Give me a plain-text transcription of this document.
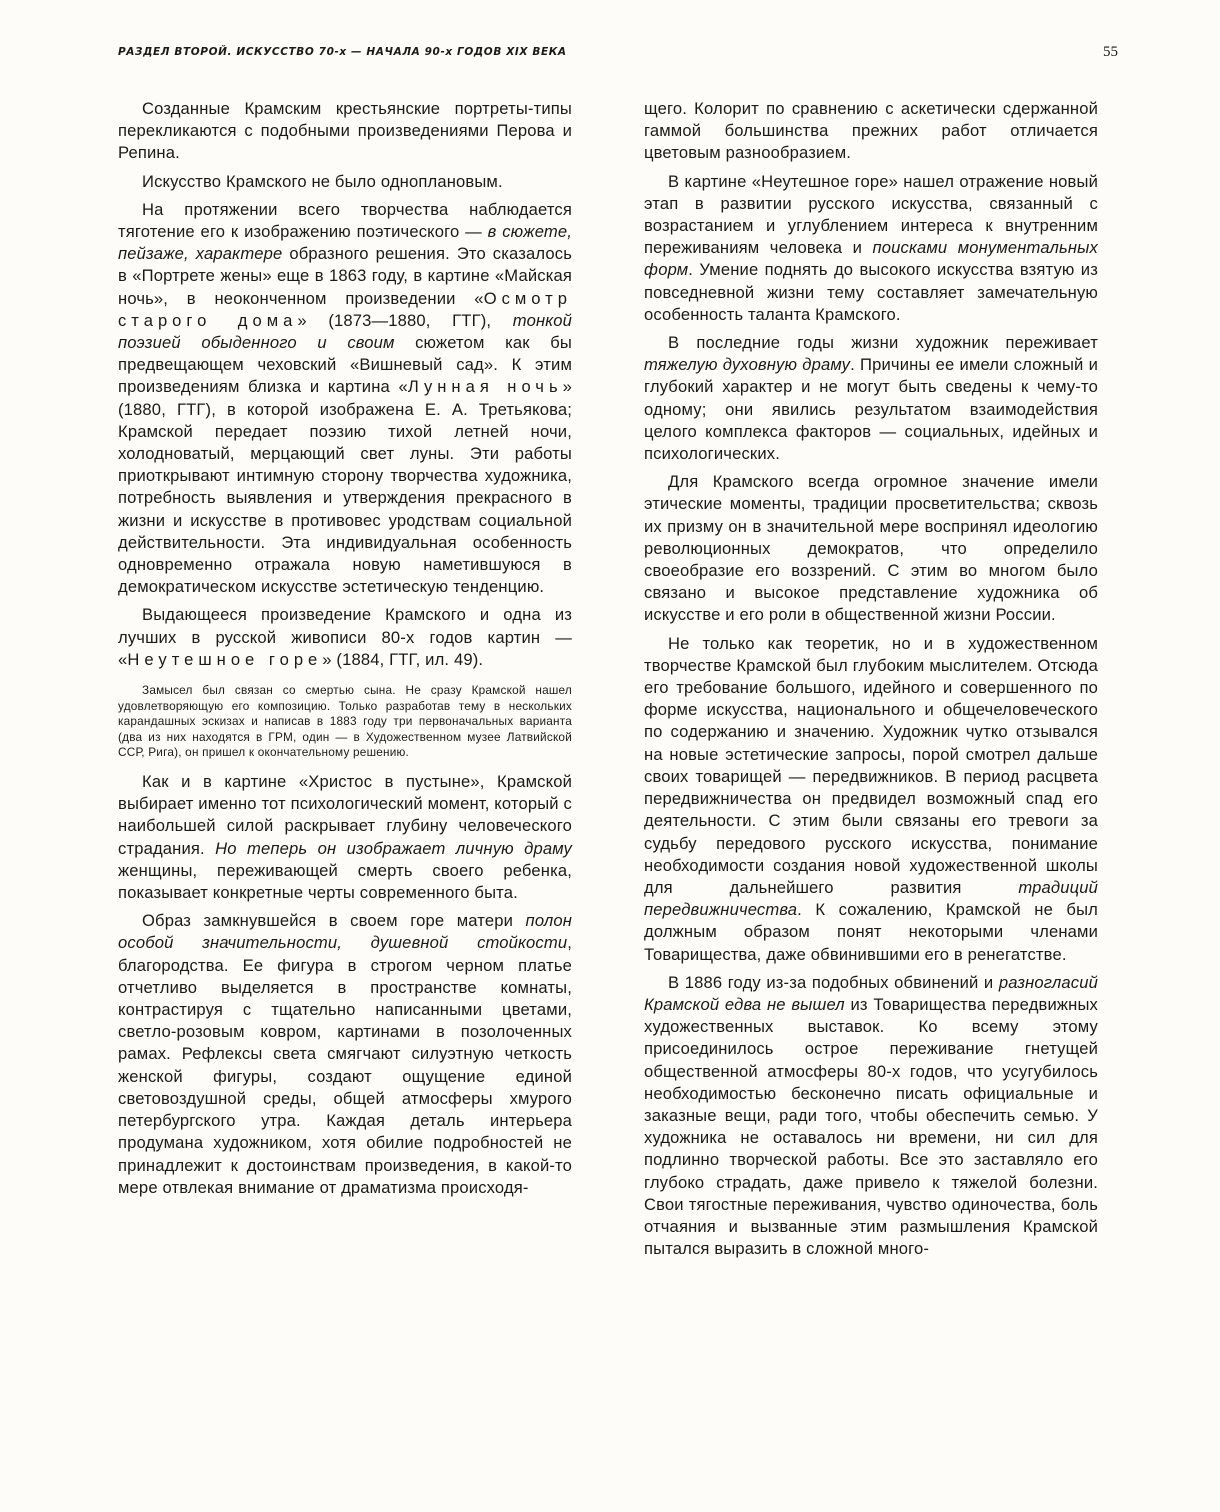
РАЗДЕЛ ВТОРОЙ. ИСКУССТВО 70-х — НАЧАЛА 90-х ГОДОВ XIX ВЕКА	55

Созданные Крамским крестьянские портреты-типы перекликаются с подобными произведениями Перова и Репина.

Искусство Крамского не было одноплановым.

На протяжении всего творчества наблюдается тяготение его к изображению поэтического — в сюжете, пейзаже, характере образного решения. Это сказалось в «Портрете жены» еще в 1863 году, в картине «Майская ночь», в неоконченном произведении «Осмотр старого дома» (1873—1880, ГТГ), тонкой поэзией обыденного и своим сюжетом как бы предвещающем чеховский «Вишневый сад». К этим произведениям близка и картина «Лунная ночь» (1880, ГТГ), в которой изображена Е. А. Третьякова; Крамской передает поэзию тихой летней ночи, холодноватый, мерцающий свет луны. Эти работы приоткрывают интимную сторону творчества художника, потребность выявления и утверждения прекрасного в жизни и искусстве в противовес уродствам социальной действительности. Эта индивидуальная особенность одновременно отражала новую наметившуюся в демократическом искусстве эстетическую тенденцию.

Выдающееся произведение Крамского и одна из лучших в русской живописи 80-х годов картин — «Неутешное горе» (1884, ГТГ, ил. 49).

Замысел был связан со смертью сына. Не сразу Крамской нашел удовлетворяющую его композицию. Только разработав тему в нескольких карандашных эскизах и написав в 1883 году три первоначальных варианта (два из них находятся в ГРМ, один — в Художественном музее Латвийской ССР, Рига), он пришел к окончательному решению.

Как и в картине «Христос в пустыне», Крамской выбирает именно тот психологический момент, который с наибольшей силой раскрывает глубину человеческого страдания. Но теперь он изображает личную драму женщины, переживающей смерть своего ребенка, показывает конкретные черты современного быта.

Образ замкнувшейся в своем горе матери полон особой значительности, душевной стойкости, благородства. Ее фигура в строгом черном платье отчетливо выделяется в пространстве комнаты, контрастируя с тщательно написанными цветами, светло-розовым ковром, картинами в позолоченных рамах. Рефлексы света смягчают силуэтную четкость женской фигуры, создают ощущение единой световоздушной среды, общей атмосферы хмурого петербургского утра. Каждая деталь интерьера продумана художником, хотя обилие подробностей не принадлежит к достоинствам произведения, в какой-то мере отвлекая внимание от драматизма происходя-

щего. Колорит по сравнению с аскетически сдержанной гаммой большинства прежних работ отличается цветовым разнообразием.

В картине «Неутешное горе» нашел отражение новый этап в развитии русского искусства, связанный с возрастанием и углублением интереса к внутренним переживаниям человека и поисками монументальных форм. Умение поднять до высокого искусства взятую из повседневной жизни тему составляет замечательную особенность таланта Крамского.

В последние годы жизни художник переживает тяжелую духовную драму. Причины ее имели сложный и глубокий характер и не могут быть сведены к чему-то одному; они явились результатом взаимодействия целого комплекса факторов — социальных, идейных и психологических.

Для Крамского всегда огромное значение имели этические моменты, традиции просветительства; сквозь их призму он в значительной мере воспринял идеологию революционных демократов, что определило своеобразие его воззрений. С этим во многом было связано и высокое представление художника об искусстве и его роли в общественной жизни России.

Не только как теоретик, но и в художественном творчестве Крамской был глубоким мыслителем. Отсюда его требование большого, идейного и совершенного по форме искусства, национального и общечеловеческого по содержанию и значению. Художник чутко отзывался на новые эстетические запросы, порой смотрел дальше своих товарищей — передвижников. В период расцвета передвижничества он предвидел возможный спад его деятельности. С этим были связаны его тревоги за судьбу передового русского искусства, понимание необходимости создания новой художественной школы для дальнейшего развития традиций передвижничества. К сожалению, Крамской не был должным образом понят некоторыми членами Товарищества, даже обвинившими его в ренегатстве.

В 1886 году из-за подобных обвинений и разногласий Крамской едва не вышел из Товарищества передвижных художественных выставок. Ко всему этому присоединилось острое переживание гнетущей общественной атмосферы 80-х годов, что усугубилось необходимостью бесконечно писать официальные и заказные вещи, ради того, чтобы обеспечить семью. У художника не оставалось ни времени, ни сил для подлинно творческой работы. Все это заставляло его глубоко страдать, даже привело к тяжелой болезни. Свои тягостные переживания, чувство одиночества, боль отчаяния и вызванные этим размышления Крамской пытался выразить в сложной много-
